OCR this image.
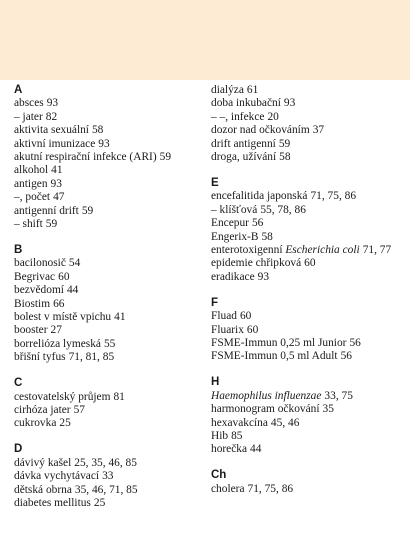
A
absces 93
– jater 82
aktivita sexuální 58
aktivní imunizace 93
akutní respirační infekce (ARI) 59
alkohol 41
antigen 93
–, počet 47
antigenní drift 59
– shift 59
B
bacilonosič 54
Begrivac 60
bezvědomí 44
Biostim 66
bolest v místě vpichu 41
booster 27
borrelióza lymeská 55
břišní tyfus 71, 81, 85
C
cestovatelský průjem 81
cirhóza jater 57
cukrovka 25
D
dávivý kašel 25, 35, 46, 85
dávka vychytávací 33
dětská obrna 35, 46, 71, 85
diabetes mellitus 25
dialýza 61
doba inkubační 93
– –, infekce 20
dozor nad očkováním 37
drift antigenní 59
droga, užívání 58
E
encefalitida japonská 71, 75, 86
– klíšťová 55, 78, 86
Encepur 56
Engerix-B 58
enterotoxigenní Escherichia coli 71, 77
epidemie chřipková 60
eradikace 93
F
Fluad 60
Fluarix 60
FSME-Immun 0,25 ml Junior 56
FSME-Immun 0,5 ml Adult 56
H
Haemophilus influenzae 33, 75
harmonogram očkování 35
hexavakcína 45, 46
Hib 85
horečka 44
Ch
cholera 71, 75, 86
